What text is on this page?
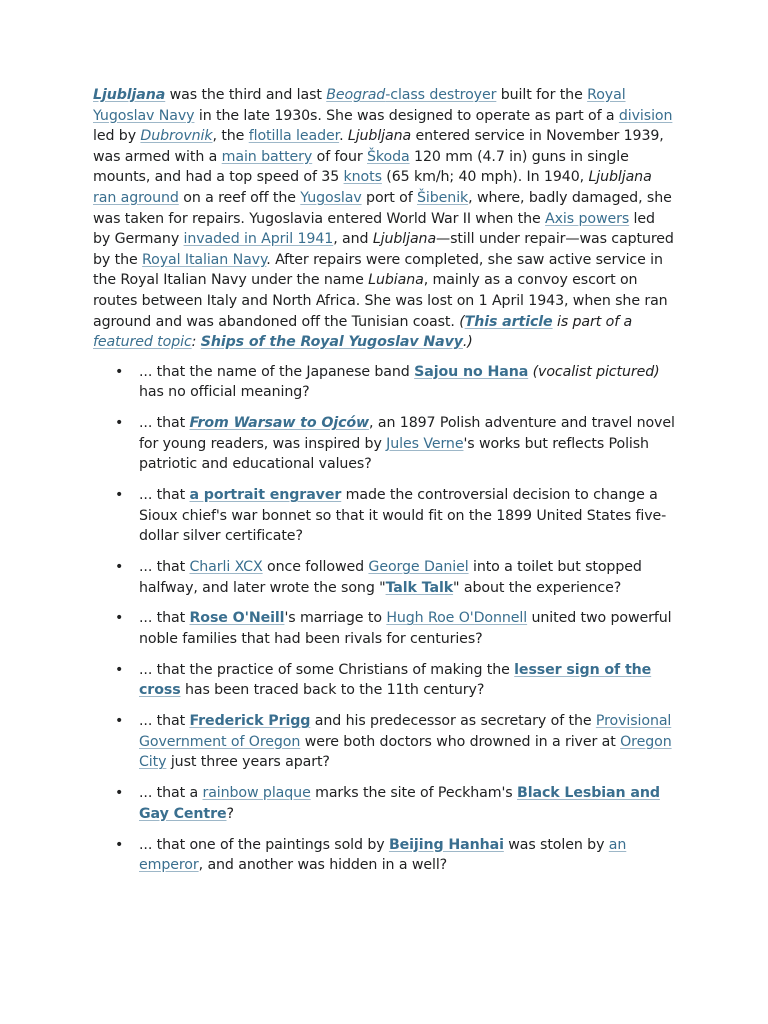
Ljubljana was the third and last Beograd-class destroyer built for the Royal Yugoslav Navy in the late 1930s. She was designed to operate as part of a division led by Dubrovnik, the flotilla leader. Ljubljana entered service in November 1939, was armed with a main battery of four Škoda 120 mm (4.7 in) guns in single mounts, and had a top speed of 35 knots (65 km/h; 40 mph). In 1940, Ljubljana ran aground on a reef off the Yugoslav port of Šibenik, where, badly damaged, she was taken for repairs. Yugoslavia entered World War II when the Axis powers led by Germany invaded in April 1941, and Ljubljana—still under repair—was captured by the Royal Italian Navy. After repairs were completed, she saw active service in the Royal Italian Navy under the name Lubiana, mainly as a convoy escort on routes between Italy and North Africa. She was lost on 1 April 1943, when she ran aground and was abandoned off the Tunisian coast. (This article is part of a featured topic: Ships of the Royal Yugoslav Navy.)

• ... that the name of the Japanese band Sajou no Hana (vocalist pictured) has no official meaning?
• ... that From Warsaw to Ojców, an 1897 Polish adventure and travel novel for young readers, was inspired by Jules Verne's works but reflects Polish patriotic and educational values?
• ... that a portrait engraver made the controversial decision to change a Sioux chief's war bonnet so that it would fit on the 1899 United States five-dollar silver certificate?
• ... that Charli XCX once followed George Daniel into a toilet but stopped halfway, and later wrote the song "Talk Talk" about the experience?
• ... that Rose O'Neill's marriage to Hugh Roe O'Donnell united two powerful noble families that had been rivals for centuries?
• ... that the practice of some Christians of making the lesser sign of the cross has been traced back to the 11th century?
• ... that Frederick Prigg and his predecessor as secretary of the Provisional Government of Oregon were both doctors who drowned in a river at Oregon City just three years apart?
• ... that a rainbow plaque marks the site of Peckham's Black Lesbian and Gay Centre?
• ... that one of the paintings sold by Beijing Hanhai was stolen by an emperor, and another was hidden in a well?
